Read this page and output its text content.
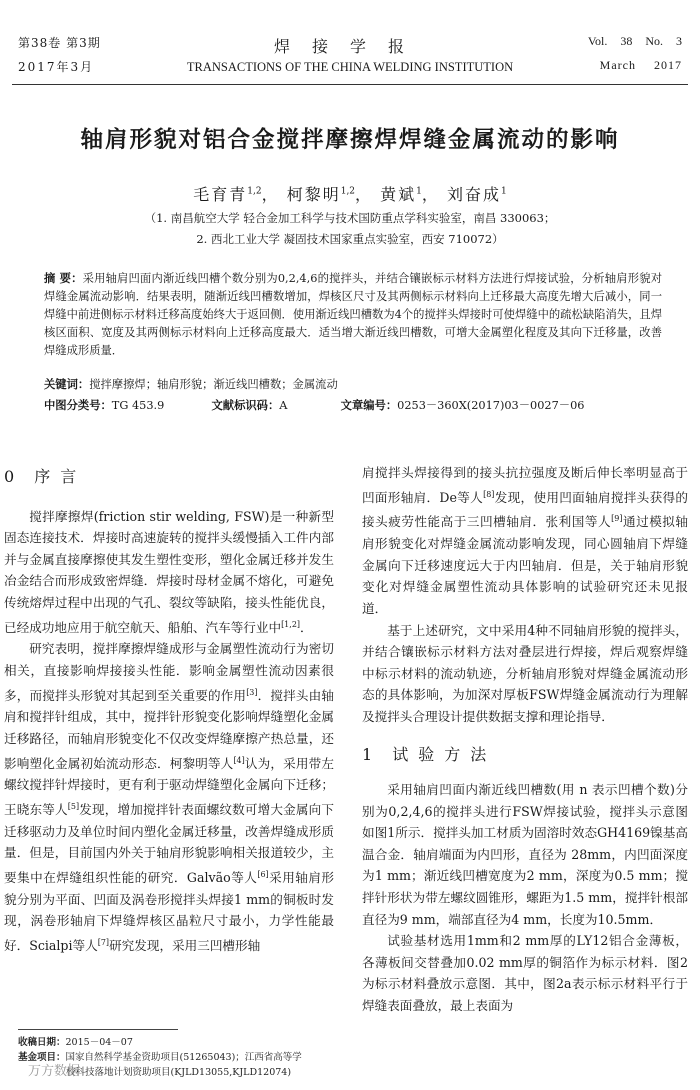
第38卷 第3期
2017年3月
焊接学报
TRANSACTIONS OF THE CHINA WELDING INSTITUTION
Vol. 38 No. 3
March 2017
轴肩形貌对铝合金搅拌摩擦焊焊缝金属流动的影响
毛育青$^{1,2}$， 柯黎明$^{1,2}$， 黄斌$^1$， 刘奋成$^1$
（1. 南昌航空大学 轻合金加工科学与技术国防重点学科实验室，南昌 330063；
2. 西北工业大学 凝固技术国家重点实验室，西安 710072）
摘 要：采用轴肩凹面内渐近线凹槽个数分别为0,2,4,6的搅拌头，并结合镶嵌标示材料方法进行焊接试验，分析轴肩形貌对焊缝金属流动影响．结果表明，随渐近线凹槽数增加，焊核区尺寸及其两侧标示材料向上迁移最大高度先增大后减小，同一焊缝中前进侧标示材料迁移高度始终大于返回侧．使用渐近线凹槽数为4个的搅拌头焊接时可使焊缝中的疏松缺陷消失，且焊核区面积、宽度及其两侧标示材料向上迁移高度最大．适当增大渐近线凹槽数，可增大金属塑化程度及其向下迁移量，改善焊缝成形质量．
关键词：搅拌摩擦焊；轴肩形貌；渐近线凹槽数；金属流动
中图分类号：TG 453.9	文献标识码：A	文章编号：0253－360X(2017)03－0027－06
0 序言

搅拌摩擦焊(friction stir welding, FSW)是一种新型固态连接技术．焊接时高速旋转的搅拌头缓慢插入工件内部并与金属直接摩擦使其发生塑性变形，塑化金属迁移并发生冶金结合而形成致密焊缝．焊接时母材金属不熔化，可避免传统熔焊过程中出现的气孔、裂纹等缺陷，接头性能优良，已经成功地应用于航空航天、船舶、汽车等行业中[1,2]．

研究表明，搅拌摩擦焊缝成形与金属塑性流动行为密切相关，直接影响焊接接头性能．影响金属塑性流动因素很多，而搅拌头形貌对其起到至关重要的作用[3]．搅拌头由轴肩和搅拌针组成，其中，搅拌针形貌变化影响焊缝塑化金属迁移路径，而轴肩形貌变化不仅改变焊缝摩擦产热总量，还影响塑化金属初始流动形态．柯黎明等人[4]认为，采用带左螺纹搅拌针焊接时，更有利于驱动焊缝塑化金属向下迁移；王晓东等人[5]发现，增加搅拌针表面螺纹数可增大金属向下迁移驱动力及单位时间内塑化金属迁移量，改善焊缝成形质量．但是，目前国内外关于轴肩形貌影响相关报道较少，主要集中在焊缝组织性能的研究．Galvão等人[6]采用轴肩形貌分别为平面、凹面及涡卷形搅拌头焊接1 mm的铜板时发现，涡卷形轴肩下焊缝焊核区晶粒尺寸最小，力学性能最好．Scialpi等人[7]研究发现，采用三凹槽形轴

肩搅拌头焊接得到的接头抗拉强度及断后伸长率明显高于凹面形轴肩．De等人[8]发现，使用凹面轴肩搅拌头获得的接头疲劳性能高于三凹槽轴肩．张利国等人[9]通过模拟轴肩形貌变化对焊缝金属流动影响发现，同心圆轴肩下焊缝金属向下迁移速度远大于内凹轴肩．但是，关于轴肩形貌变化对焊缝金属塑性流动具体影响的试验研究还未见报道．

基于上述研究，文中采用4种不同轴肩形貌的搅拌头，并结合镶嵌标示材料方法对叠层进行焊接，焊后观察焊缝中标示材料的流动轨迹，分析轴肩形貌对焊缝金属流动形态的具体影响，为加深对厚板FSW焊缝金属流动行为理解及搅拌头合理设计提供数据支撑和理论指导．

1 试验方法

采用轴肩凹面内渐近线凹槽数(用 n 表示凹槽个数)分别为0,2,4,6的搅拌头进行FSW焊接试验，搅拌头示意图如图1所示．搅拌头加工材质为固溶时效态GH4169镍基高温合金．轴肩端面为内凹形，直径为 28mm，内凹面深度为1 mm；渐近线凹槽宽度为2 mm，深度为0.5 mm；搅拌针形状为带左螺纹圆锥形，螺距为1.5 mm，搅拌针根部直径为9 mm，端部直径为4 mm，长度为10.5mm．

试验基材选用1mm和2 mm厚的LY12铝合金薄板，各薄板间交替叠加0.02 mm厚的铜箔作为标示材料．图2为标示材料叠放示意图．其中，图2a表示标示材料平行于焊缝表面叠放，最上表面为

收稿日期：2015－04－07
基金项目：国家自然科学基金资助项目(51265043)；江西省高等学
校科技落地计划资助项目(KJLD13055,KJLD12074)
万方数据
